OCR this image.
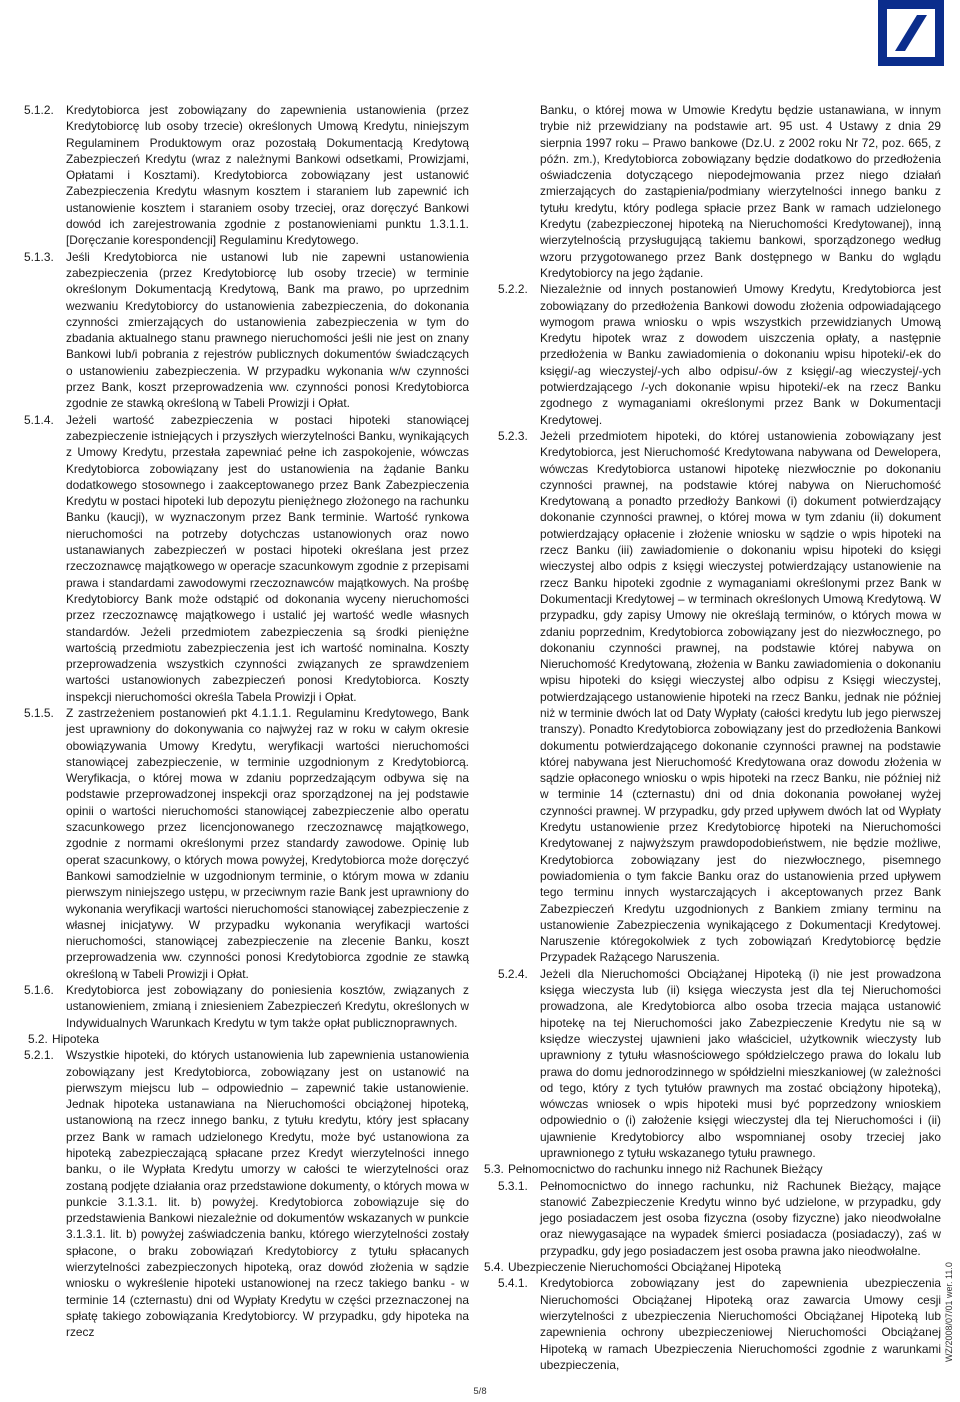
5.1.2.	Kredytobiorca jest zobowiązany do zapewnienia ustanowienia (przez Kredytobiorcę lub osoby trzecie) określonych Umową Kredytu, niniejszym Regulaminem Produktowym oraz pozostałą Dokumentacją Kredytową Zabezpieczeń Kredytu (wraz z należnymi Bankowi odsetkami, Prowizjami, Opłatami i Kosztami). Kredytobiorca zobowiązany jest ustanowić Zabezpieczenia Kredytu własnym kosztem i staraniem lub zapewnić ich ustanowienie kosztem i staraniem osoby trzeciej, oraz doręczyć Bankowi dowód ich zarejestrowania zgodnie z postanowieniami punktu 1.3.1.1. [Doręczanie korespondencji] Regulaminu Kredytowego.
5.1.3.	Jeśli Kredytobiorca nie ustanowi lub nie zapewni ustanowienia zabezpieczenia (przez Kredytobiorcę lub osoby trzecie) w terminie określonym Dokumentacją Kredytową, Bank ma prawo, po uprzednim wezwaniu Kredytobiorcy do ustanowienia zabezpieczenia, do dokonania czynności zmierzających do ustanowienia zabezpieczenia w tym do zbadania aktualnego stanu prawnego nieruchomości jeśli nie jest on znany Bankowi lub/i pobrania z rejestrów publicznych dokumentów świadczących o ustanowieniu zabezpieczenia. W przypadku wykonania w/w czynności przez Bank, koszt przeprowadzenia ww. czynności ponosi Kredytobiorca zgodnie ze stawką określoną w Tabeli Prowizji i Opłat.
5.1.4.	Jeżeli wartość zabezpieczenia w postaci hipoteki stanowiącej zabezpieczenie istniejących i przyszłych wierzytelności Banku, wynikających z Umowy Kredytu, przestała zapewniać pełne ich zaspokojenie, wówczas Kredytobiorca zobowiązany jest do ustanowienia na żądanie Banku dodatkowego stosownego i zaakceptowanego przez Bank Zabezpieczenia Kredytu w postaci hipoteki lub depozytu pieniężnego złożonego na rachunku Banku (kaucji), w wyznaczonym przez Bank terminie. Wartość rynkowa nieruchomości na potrzeby dotychczas ustanowionych oraz nowo ustanawianych zabezpieczeń w postaci hipoteki określana jest przez rzeczoznawcę majątkowego w operacje szacunkowym zgodnie z przepisami prawa i standardami zawodowymi rzeczoznawców majątkowych. Na prośbę Kredytobiorcy Bank może odstąpić od dokonania wyceny nieruchomości przez rzeczoznawcę majątkowego i ustalić jej wartość wedle własnych standardów. Jeżeli przedmiotem zabezpieczenia są środki pieniężne wartością przedmiotu zabezpieczenia jest ich wartość nominalna. Koszty przeprowadzenia wszystkich czynności związanych ze sprawdzeniem wartości ustanowionych zabezpieczeń ponosi Kredytobiorca. Koszty inspekcji nieruchomości określa Tabela Prowizji i Opłat.
5.1.5.	Z zastrzeżeniem postanowień pkt 4.1.1.1. Regulaminu Kredytowego, Bank jest uprawniony do dokonywania co najwyżej raz w roku w całym okresie obowiązywania Umowy Kredytu, weryfikacji wartości nieruchomości stanowiącej zabezpieczenie, w terminie uzgodnionym z Kredytobiorcą. Weryfikacja, o której mowa w zdaniu poprzedzającym odbywa się na podstawie przeprowadzonej inspekcji oraz sporządzonej na jej podstawie opinii o wartości nieruchomości stanowiącej zabezpieczenie albo operatu szacunkowego przez licencjonowanego rzeczoznawcę majątkowego, zgodnie z normami określonymi przez standardy zawodowe. Opinię lub operat szacunkowy, o których mowa powyżej, Kredytobiorca może doręczyć Bankowi samodzielnie w uzgodnionym terminie, o którym mowa w zdaniu pierwszym niniejszego ustępu, w przeciwnym razie Bank jest uprawniony do wykonania weryfikacji wartości nieruchomości stanowiącej zabezpieczenie z własnej inicjatywy. W przypadku wykonania weryfikacji wartości nieruchomości, stanowiącej zabezpieczenie na zlecenie Banku, koszt przeprowadzenia ww. czynności ponosi Kredytobiorca zgodnie ze stawką określoną w Tabeli Prowizji i Opłat.
5.1.6.	Kredytobiorca jest zobowiązany do poniesienia kosztów, związanych z ustanowieniem, zmianą i zniesieniem Zabezpieczeń Kredytu, określonych w Indywidualnych Warunkach Kredytu w tym także opłat publicznoprawnych.
5.2. Hipoteka
5.2.1.	Wszystkie hipoteki, do których ustanowienia lub zapewnienia ustanowienia zobowiązany jest Kredytobiorca, zobowiązany jest on ustanowić na pierwszym miejscu lub – odpowiednio – zapewnić takie ustanowienie. Jednak hipoteka ustanawiana na Nieruchomości obciążonej hipoteką, ustanowioną na rzecz innego banku, z tytułu kredytu, który jest spłacany przez Bank w ramach udzielonego Kredytu, może być ustanowiona za hipoteką zabezpieczającą spłacane przez Kredyt wierzytelności innego banku, o ile Wypłata Kredytu umorzy w całości te wierzytelności oraz zostaną podjęte działania oraz przedstawione dokumenty, o których mowa w punkcie 3.1.3.1. lit. b) powyżej. Kredytobiorca zobowiązuje się do przedstawienia Bankowi niezależnie od dokumentów wskazanych w punkcie 3.1.3.1. lit. b) powyżej zaświadczenia banku, którego wierzytelności zostały spłacone, o braku zobowiązań Kredytobiorcy z tytułu spłacanych wierzytelności zabezpieczonych hipoteką, oraz dowód złożenia w sądzie wniosku o wykreślenie hipoteki ustanowionej na rzecz takiego banku - w terminie 14 (czternastu) dni od Wypłaty Kredytu w części przeznaczonej na spłatę takiego zobowiązania Kredytobiorcy. W przypadku, gdy hipoteka na rzecz
Banku, o której mowa w Umowie Kredytu będzie ustanawiana, w innym trybie niż przewidziany na podstawie art. 95 ust. 4 Ustawy z dnia 29 sierpnia 1997 roku – Prawo bankowe (Dz.U. z 2002 roku Nr 72, poz. 665, z późn. zm.), Kredytobiorca zobowiązany będzie dodatkowo do przedłożenia oświadczenia dotyczącego niepodejmowania przez niego działań zmierzających do zastąpienia/podmiany wierzytelności innego banku z tytułu kredytu, który podlega spłacie przez Bank w ramach udzielonego Kredytu (zabezpieczonej hipoteką na Nieruchomości Kredytowanej), inną wierzytelnością przysługującą takiemu bankowi, sporządzonego według wzoru przygotowanego przez Bank dostępnego w Banku do wglądu Kredytobiorcy na jego żądanie.
5.2.2.	Niezależnie od innych postanowień Umowy Kredytu, Kredytobiorca jest zobowiązany do przedłożenia Bankowi dowodu złożenia odpowiadającego wymogom prawa wniosku o wpis wszystkich przewidzianych Umową Kredytu hipotek wraz z dowodem uiszczenia opłaty, a następnie przedłożenia w Banku zawiadomienia o dokonaniu wpisu hipoteki/-ek do księgi/-ag wieczystej/-ych albo odpisu/-ów z księgi/-ag wieczystej/-ych potwierdzającego /-ych dokonanie wpisu hipoteki/-ek na rzecz Banku zgodnego z wymaganiami określonymi przez Bank w Dokumentacji Kredytowej.
5.2.3.	Jeżeli przedmiotem hipoteki, do której ustanowienia zobowiązany jest Kredytobiorca, jest Nieruchomość Kredytowana nabywana od Dewelopera, wówczas Kredytobiorca ustanowi hipotekę niezwłocznie po dokonaniu czynności prawnej, na podstawie której nabywa on Nieruchomość Kredytowaną a ponadto przedłoży Bankowi (i) dokument potwierdzający dokonanie czynności prawnej, o której mowa w tym zdaniu (ii) dokument potwierdzający opłacenie i złożenie wniosku w sądzie o wpis hipoteki na rzecz Banku (iii) zawiadomienie o dokonaniu wpisu hipoteki do księgi wieczystej albo odpis z księgi wieczystej potwierdzający ustanowienie na rzecz Banku hipoteki zgodnie z wymaganiami określonymi przez Bank w Dokumentacji Kredytowej – w terminach określonych Umową Kredytową. W przypadku, gdy zapisy Umowy nie określają terminów, o których mowa w zdaniu poprzednim, Kredytobiorca zobowiązany jest do niezwłocznego, po dokonaniu czynności prawnej, na podstawie której nabywa on Nieruchomość Kredytowaną, złożenia w Banku zawiadomienia o dokonaniu wpisu hipoteki do księgi wieczystej albo odpisu z Księgi wieczystej, potwierdzającego ustanowienie hipoteki na rzecz Banku, jednak nie później niż w terminie dwóch lat od Daty Wypłaty (całości kredytu lub jego pierwszej transzy). Ponadto Kredytobiorca zobowiązany jest do przedłożenia Bankowi dokumentu potwierdzającego dokonanie czynności prawnej na podstawie której nabywana jest Nieruchomość Kredytowana oraz dowodu złożenia w sądzie opłaconego wniosku o wpis hipoteki na rzecz Banku, nie później niż w terminie 14 (czternastu) dni od dnia dokonania powołanej wyżej czynności prawnej. W przypadku, gdy przed upływem dwóch lat od Wypłaty Kredytu ustanowienie przez Kredytobiorcę hipoteki na Nieruchomości Kredytowanej z najwyższym prawdopodobieństwem, nie będzie możliwe, Kredytobiorca zobowiązany jest do niezwłocznego, pisemnego powiadomienia o tym fakcie Banku oraz do ustanowienia przed upływem tego terminu innych wystarczających i akceptowanych przez Bank Zabezpieczeń Kredytu uzgodnionych z Bankiem zmiany terminu na ustanowienie Zabezpieczenia wynikającego z Dokumentacji Kredytowej. Naruszenie któregokolwiek z tych zobowiązań Kredytobiorcę będzie Przypadek Rażącego Naruszenia.
5.2.4.	Jeżeli dla Nieruchomości Obciążanej Hipoteką (i) nie jest prowadzona księga wieczysta lub (ii) księga wieczysta jest dla tej Nieruchomości prowadzona, ale Kredytobiorca albo osoba trzecia mająca ustanowić hipotekę na tej Nieruchomości jako Zabezpieczenie Kredytu nie są w księdze wieczystej ujawnieni jako właściciel, użytkownik wieczysty lub uprawniony z tytułu własnościowego spółdzielczego prawa do lokalu lub prawa do domu jednorodzinnego w spółdzielni mieszkaniowej (w zależności od tego, który z tych tytułów prawnych ma zostać obciążony hipoteką), wówczas wniosek o wpis hipoteki musi być poprzedzony wnioskiem odpowiednio o (i) założenie księgi wieczystej dla tej Nieruchomości i (ii) ujawnienie Kredytobiorcy albo wspomnianej osoby trzeciej jako uprawnionego z tytułu wskazanego tytułu prawnego.
5.3. Pełnomocnictwo do rachunku innego niż Rachunek Bieżący
5.3.1.	Pełnomocnictwo do innego rachunku, niż Rachunek Bieżący, mające stanowić Zabezpieczenie Kredytu winno być udzielone, w przypadku, gdy jego posiadaczem jest osoba fizyczna (osoby fizyczne) jako nieodwołalne oraz niewygasające na wypadek śmierci posiadacza (posiadaczy), zaś w przypadku, gdy jego posiadaczem jest osoba prawna jako nieodwołalne.
5.4. Ubezpieczenie Nieruchomości Obciążanej Hipoteką
5.4.1.	Kredytobiorca zobowiązany jest do zapewnienia ubezpieczenia Nieruchomości Obciążanej Hipoteką oraz zawarcia Umowy cesji wierzytelności z ubezpieczenia Nieruchomości Obciążanej Hipoteką lub zapewnienia ochrony ubezpieczeniowej Nieruchomości Obciążanej Hipoteką w ramach Ubezpieczenia Nieruchomości zgodnie z warunkami ubezpieczenia,
5/8
WZ/2008/07/01 wer. 11.0
